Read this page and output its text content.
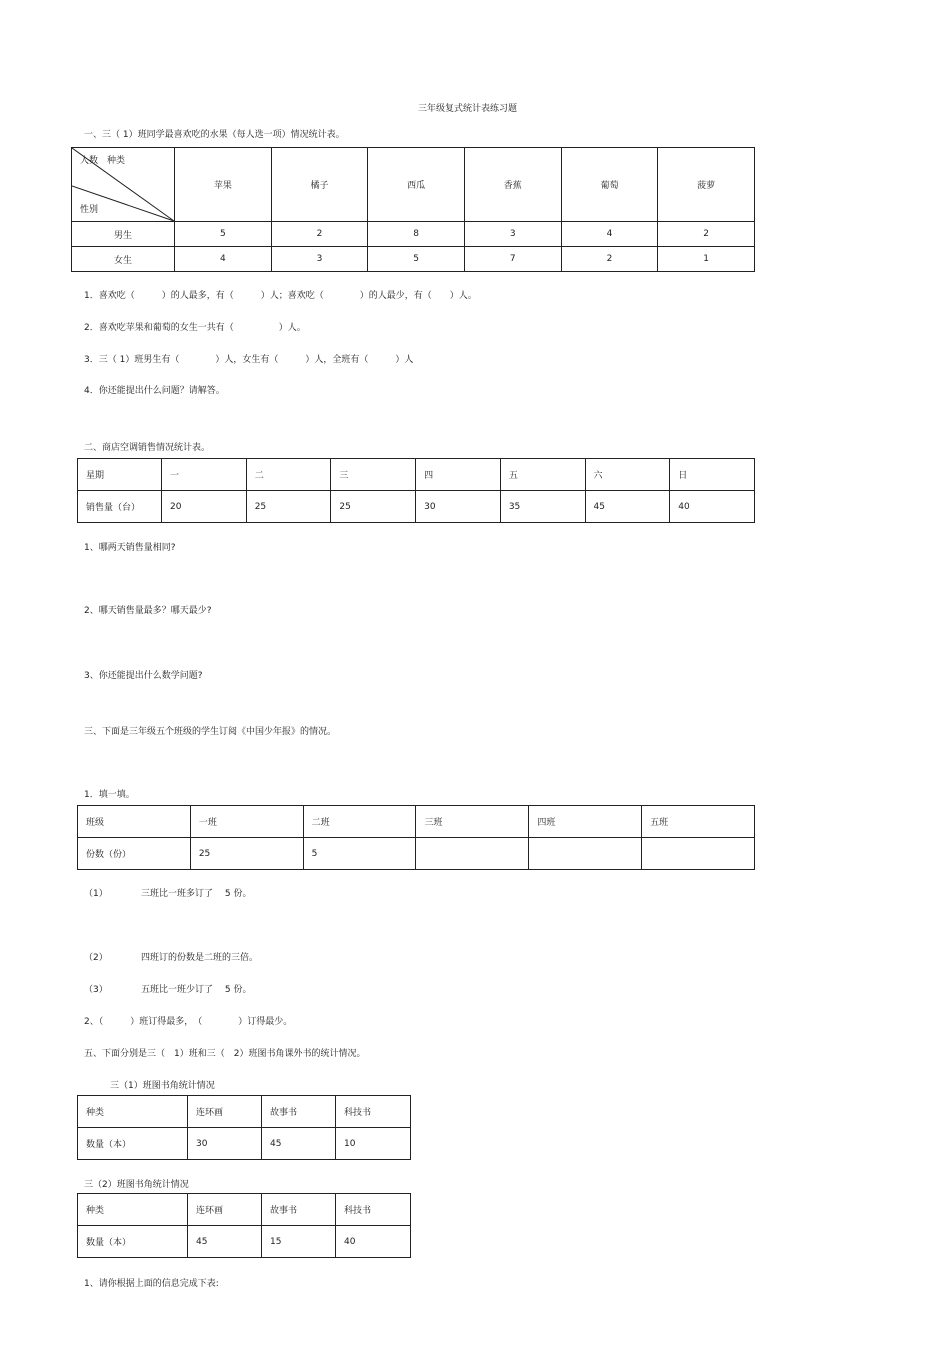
三年级复式统计表练习题
一、三（ 1）班同学最喜欢吃的水果（每人选一项）情况统计表。
人数 种类
性别	苹果	橘子	西瓜	香蕉	葡萄	菠萝
男生	5	2	8	3	4	2
女生	4	3	5	7	2	1
1．喜欢吃（　　　）的人最多，有（　　　）人；喜欢吃（　　　　）的人最少，有（　　）人。
2．喜欢吃苹果和葡萄的女生一共有（　　　　　）人。
3．三（ 1）班男生有（　　　　）人，女生有（　　　）人，全班有（　　　）人
4．你还能提出什么问题？请解答。
二、商店空调销售情况统计表。
星期	一	二	三	四	五	六	日
销售量（台）	20	25	25	30	35	45	40
1、哪两天销售量相同?
2、哪天销售量最多？哪天最少?
3、你还能提出什么数学问题?
三、下面是三年级五个班级的学生订阅《中国少年报》的情况。
1．填一填。
班级	一班	二班	三班	四班	五班
份数（份）	25	5			
（1）	三班比一班多订了　 5 份。
（2）	四班订的份数是二班的三倍。
（3）	五班比一班少订了　 5 份。
2、（　　　）班订得最多，　（　　　　）订得最少。
五、下面分别是三（　1）班和三（　2）班图书角课外书的统计情况。
三（1）班图书角统计情况
种类	连环画	故事书	科技书
数量（本）	30	45	10
三（2）班图书角统计情况
种类	连环画	故事书	科技书
数量（本）	45	15	40
1、请你根据上面的信息完成下表:
